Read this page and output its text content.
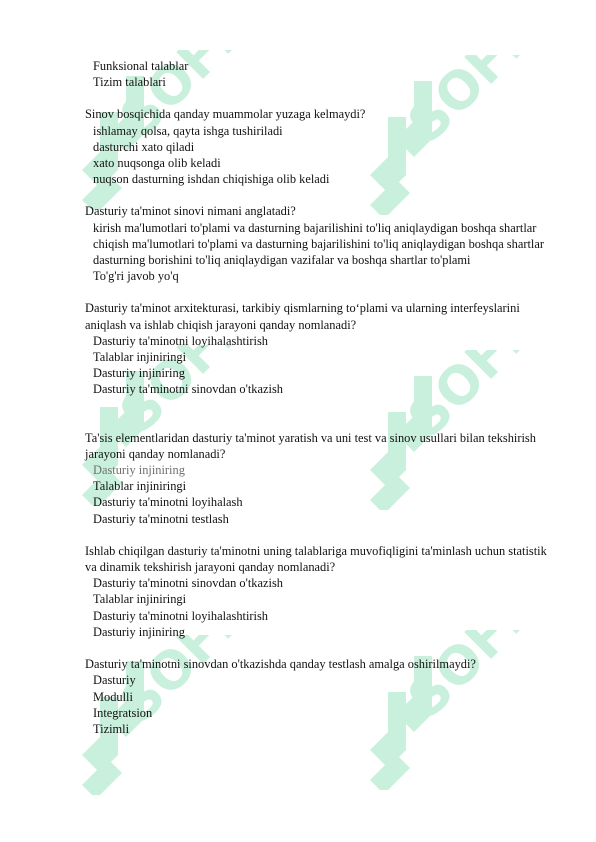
Funksional talablar

Tizim talablari

Sinov bosqichida qanday muammolar yuzaga kelmaydi?

ishlamay qolsa, qayta ishga tushiriladi

dasturchi xato qiladi

xato nuqsonga olib keladi

nuqson dasturning ishdan chiqishiga olib keladi

Dasturiy ta'minot sinovi nimani anglatadi?

kirish ma'lumotlari to'plami va dasturning bajarilishini to'liq aniqlaydigan boshqa shartlar

chiqish ma'lumotlari to'plami va dasturning bajarilishini to'liq aniqlaydigan boshqa shartlar

dasturning borishini to'liq aniqlaydigan vazifalar va boshqa shartlar to'plami

To'g'ri javob yo'q

Dasturiy ta'minot arxitekturasi, tarkibiy qismlarning to‘plami va ularning interfeyslarini aniqlash va ishlab chiqish jarayoni qanday nomlanadi?

Dasturiy ta'minotni loyihalashtirish

Talablar injiniringi

Dasturiy injiniring

Dasturiy ta'minotni sinovdan o'tkazish

Ta'sis elementlaridan dasturiy ta'minot yaratish va uni test va sinov usullari bilan tekshirish jarayoni qanday nomlanadi?

Dasturiy injiniring

Talablar injiniringi

Dasturiy ta'minotni loyihalash

Dasturiy ta'minotni testlash

Ishlab chiqilgan dasturiy ta'minotni uning talablariga muvofiqligini ta'minlash uchun statistik va dinamik tekshirish jarayoni qanday nomlanadi?

Dasturiy ta'minotni sinovdan o'tkazish

Talablar injiniringi

Dasturiy ta'minotni loyihalashtirish

Dasturiy injiniring

Dasturiy ta'minotni sinovdan o'tkazishda qanday testlash amalga oshirilmaydi?

Dasturiy

Modulli

Integratsion

Tizimli
